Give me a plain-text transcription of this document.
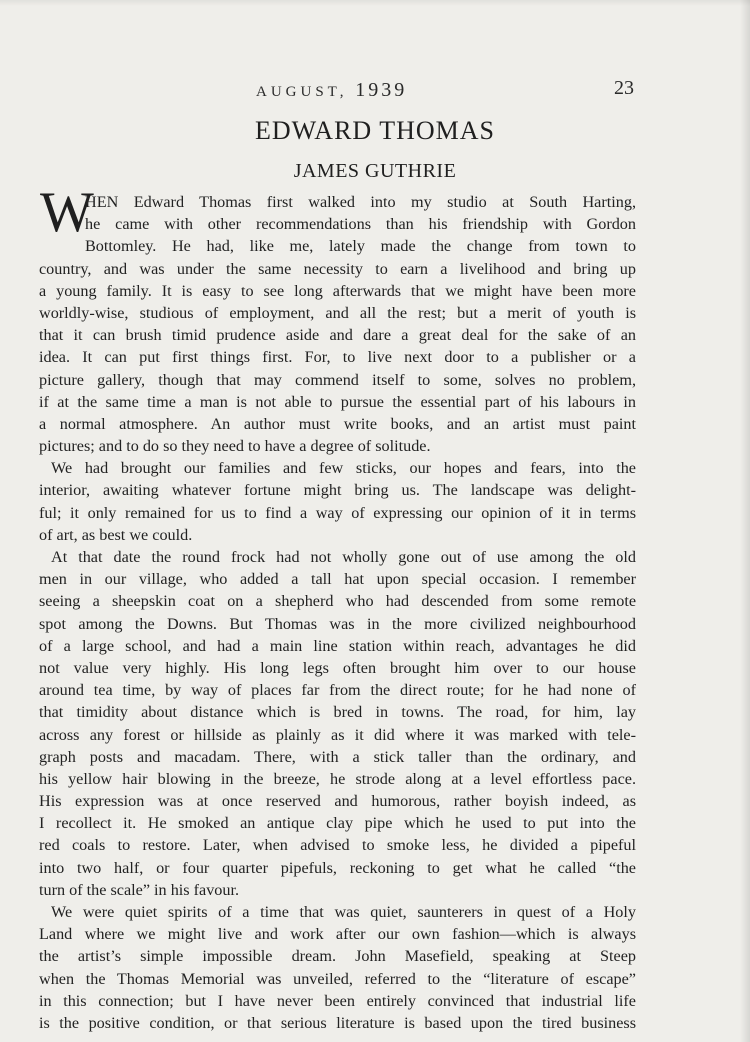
AUGUST, 1939	23
EDWARD THOMAS
JAMES GUTHRIE
W
HEN Edward Thomas first walked into my studio at South Harting,
he came with other recommendations than his friendship with Gordon
Bottomley. He had, like me, lately made the change from town to
country, and was under the same necessity to earn a livelihood and bring up
a young family. It is easy to see long afterwards that we might have been more
worldly-wise, studious of employment, and all the rest; but a merit of youth is
that it can brush timid prudence aside and dare a great deal for the sake of an
idea. It can put first things first. For, to live next door to a publisher or a
picture gallery, though that may commend itself to some, solves no problem,
if at the same time a man is not able to pursue the essential part of his labours in
a normal atmosphere. An author must write books, and an artist must paint
pictures; and to do so they need to have a degree of solitude.
We had brought our families and few sticks, our hopes and fears, into the
interior, awaiting whatever fortune might bring us. The landscape was delight-
ful; it only remained for us to find a way of expressing our opinion of it in terms
of art, as best we could.
At that date the round frock had not wholly gone out of use among the old
men in our village, who added a tall hat upon special occasion. I remember
seeing a sheepskin coat on a shepherd who had descended from some remote
spot among the Downs. But Thomas was in the more civilized neighbourhood
of a large school, and had a main line station within reach, advantages he did
not value very highly. His long legs often brought him over to our house
around tea time, by way of places far from the direct route; for he had none of
that timidity about distance which is bred in towns. The road, for him, lay
across any forest or hillside as plainly as it did where it was marked with tele-
graph posts and macadam. There, with a stick taller than the ordinary, and
his yellow hair blowing in the breeze, he strode along at a level effortless pace.
His expression was at once reserved and humorous, rather boyish indeed, as
I recollect it. He smoked an antique clay pipe which he used to put into the
red coals to restore. Later, when advised to smoke less, he divided a pipeful
into two half, or four quarter pipefuls, reckoning to get what he called “the
turn of the scale” in his favour.
We were quiet spirits of a time that was quiet, saunterers in quest of a Holy
Land where we might live and work after our own fashion—which is always
the artist’s simple impossible dream. John Masefield, speaking at Steep
when the Thomas Memorial was unveiled, referred to the “literature of escape”
in this connection; but I have never been entirely convinced that industrial life
is the positive condition, or that serious literature is based upon the tired business
